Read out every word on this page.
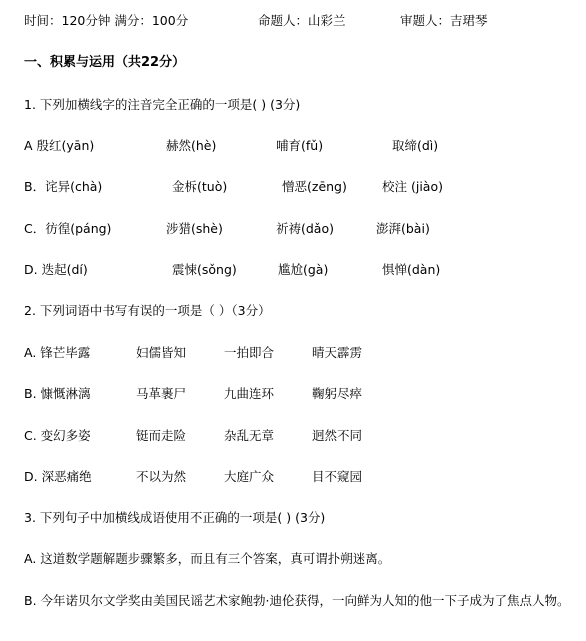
时间：120分钟 满分：100分	命题人：山彩兰	审题人：吉珺琴
一、积累与运用（共22分）
1. 下列加横线字的注音完全正确的一项是( ) (3分)
A 殷红(yān)	赫然(hè)	哺育(fǔ)	取缔(dì)
B．诧异(chà)	金柝(tuò)	憎恶(zēng)	校注 (jiào)
C．彷徨(páng)	涉猎(shè)	祈祷(dǎo)	澎湃(bài)
D. 迭起(dí)	震悚(sǒng)	尴尬(gà)	惧惮(dàn)
2. 下列词语中书写有误的一项是（ ）（3分）
A. 锋芒毕露	妇儒皆知	一拍即合	晴天霹雳
B. 慷慨淋漓	马革裹尸	九曲连环	鞠躬尽瘁
C. 变幻多姿	铤而走险	杂乱无章	迥然不同
D. 深恶痛绝	不以为然	大庭广众	目不窥园
3. 下列句子中加横线成语使用不正确的一项是( ) (3分)
A. 这道数学题解题步骤繁多，而且有三个答案，真可谓扑朔迷离。
B. 今年诺贝尔文学奖由美国民谣艺术家鲍勃·迪伦获得，一向鲜为人知的他一下子成为了焦点人物。
